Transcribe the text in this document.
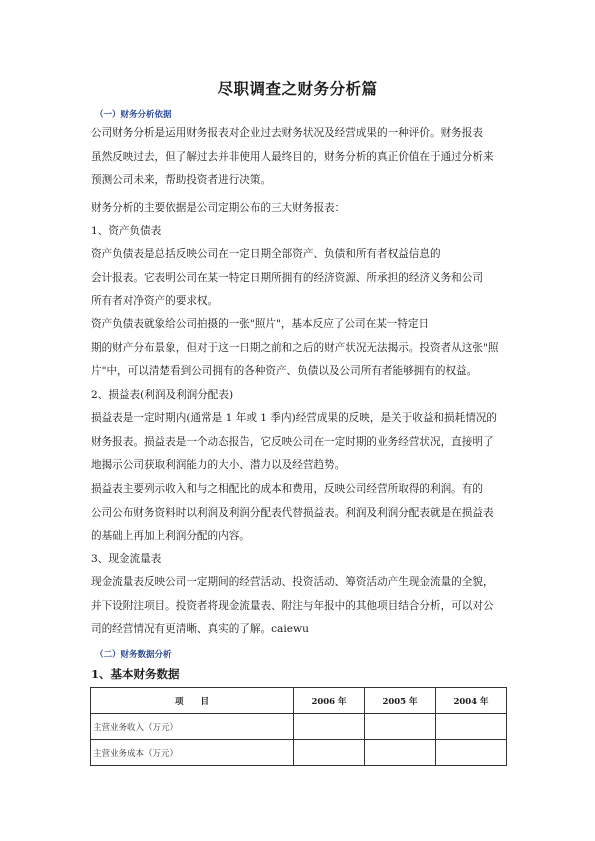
尽职调查之财务分析篇
（一）财务分析依据
公司财务分析是运用财务报表对企业过去财务状况及经营成果的一种评价。财务报表
虽然反映过去，但了解过去并非使用人最终目的，财务分析的真正价值在于通过分析来
预测公司未来，帮助投资者进行决策。
财务分析的主要依据是公司定期公布的三大财务报表：
1、资产负债表
资产负债表是总括反映公司在一定日期全部资产、负债和所有者权益信息的
会计报表。它表明公司在某一特定日期所拥有的经济资源、所承担的经济义务和公司
所有者对净资产的要求权。
资产负债表就象给公司拍摄的一张"照片"，基本反应了公司在某一特定日
期的财产分布景象，但对于这一日期之前和之后的财产状况无法揭示。投资者从这张"照
片"中，可以清楚看到公司拥有的各种资产、负债以及公司所有者能够拥有的权益。
2、损益表(利润及利润分配表)
损益表是一定时期内(通常是 1 年或 1 季内)经营成果的反映，是关于收益和损耗情况的
财务报表。损益表是一个动态报告，它反映公司在一定时期的业务经营状况，直接明了
地揭示公司获取利润能力的大小、潜力以及经营趋势。
损益表主要列示收入和与之相配比的成本和费用，反映公司经营所取得的利润。有的
公司公布财务资料时以利润及利润分配表代替损益表。利润及利润分配表就是在损益表
的基础上再加上利润分配的内容。
3、现金流量表
现金流量表反映公司一定期间的经营活动、投资活动、筹资活动产生现金流量的全貌，
并下设附注项目。投资者将现金流量表、附注与年报中的其他项目结合分析，可以对公
司的经营情况有更清晰、真实的了解。caiewu
（二）财务数据分析
1、基本财务数据
项　　目	2006 年	2005 年	2004 年
主营业务收入（万元）			
主营业务成本（万元）			
